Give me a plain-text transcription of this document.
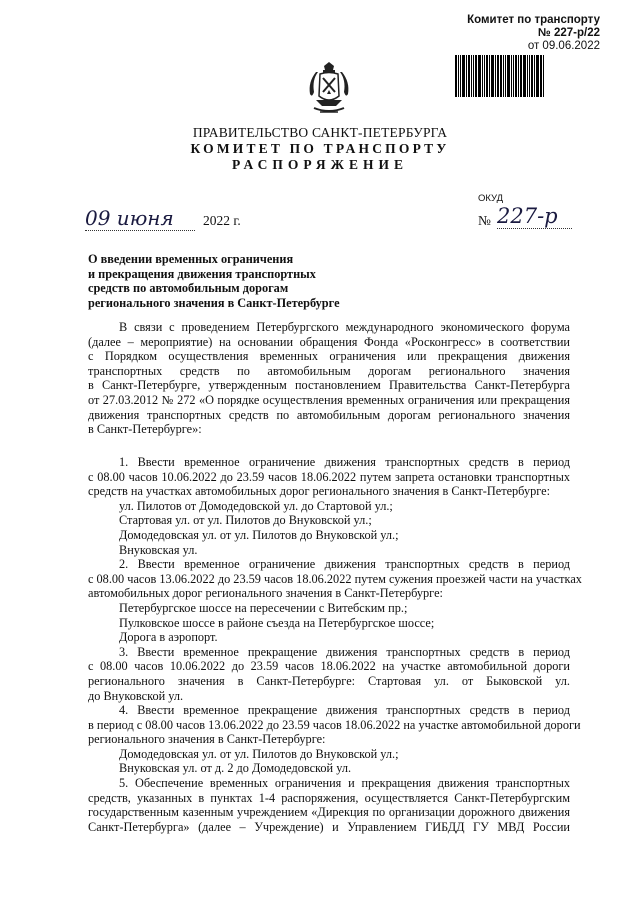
Комитет по транспорту
№ 227-р/22
от 09.06.2022
ПРАВИТЕЛЬСТВО САНКТ-ПЕТЕРБУРГА
КОМИТЕТ ПО ТРАНСПОРТУ
РАСПОРЯЖЕНИЕ
ОКУД
09 июня	2022 г.	№ 227-р
О введении временных ограничения
и прекращения движения транспортных
средств по автомобильным дорогам
регионального значения в Санкт-Петербурге
В связи с проведением Петербургского международного экономического форума
(далее – мероприятие) на основании обращения Фонда «Росконгресс» в соответствии
с Порядком осуществления временных ограничения или прекращения движения
транспортных средств по автомобильным дорогам регионального значения
в Санкт-Петербурге, утвержденным постановлением Правительства Санкт-Петербурга
от 27.03.2012 № 272 «О порядке осуществления временных ограничения или прекращения
движения транспортных средств по автомобильным дорогам регионального значения
в Санкт-Петербурге»:
1. Ввести временное ограничение движения транспортных средств в период
с 08.00 часов 10.06.2022 до 23.59 часов 18.06.2022 путем запрета остановки транспортных
средств на участках автомобильных дорог регионального значения в Санкт-Петербурге:
ул. Пилотов от Домодедовской ул. до Стартовой ул.;
Стартовая ул. от ул. Пилотов до Внуковской ул.;
Домодедовская ул. от ул. Пилотов до Внуковской ул.;
Внуковская ул.
2. Ввести временное ограничение движения транспортных средств в период
с 08.00 часов 13.06.2022 до 23.59 часов 18.06.2022 путем сужения проезжей части на участках
автомобильных дорог регионального значения в Санкт-Петербурге:
Петербургское шоссе на пересечении с Витебским пр.;
Пулковское шоссе в районе съезда на Петербургское шоссе;
Дорога в аэропорт.
3. Ввести временное прекращение движения транспортных средств в период
с 08.00 часов 10.06.2022 до 23.59 часов 18.06.2022 на участке автомобильной дороги
регионального значения в Санкт-Петербурге: Стартовая ул. от Быковской ул.
до Внуковской ул.
4. Ввести временное прекращение движения транспортных средств в период
в период с 08.00 часов 13.06.2022 до 23.59 часов 18.06.2022 на участке автомобильной дороги
регионального значения в Санкт-Петербурге:
Домодедовская ул. от ул. Пилотов до Внуковской ул.;
Внуковская ул. от д. 2 до Домодедовской ул.
5. Обеспечение временных ограничения и прекращения движения транспортных
средств, указанных в пунктах 1-4 распоряжения, осуществляется Санкт-Петербургским
государственным казенным учреждением «Дирекция по организации дорожного движения
Санкт-Петербурга» (далее – Учреждение) и Управлением ГИБДД ГУ МВД России
